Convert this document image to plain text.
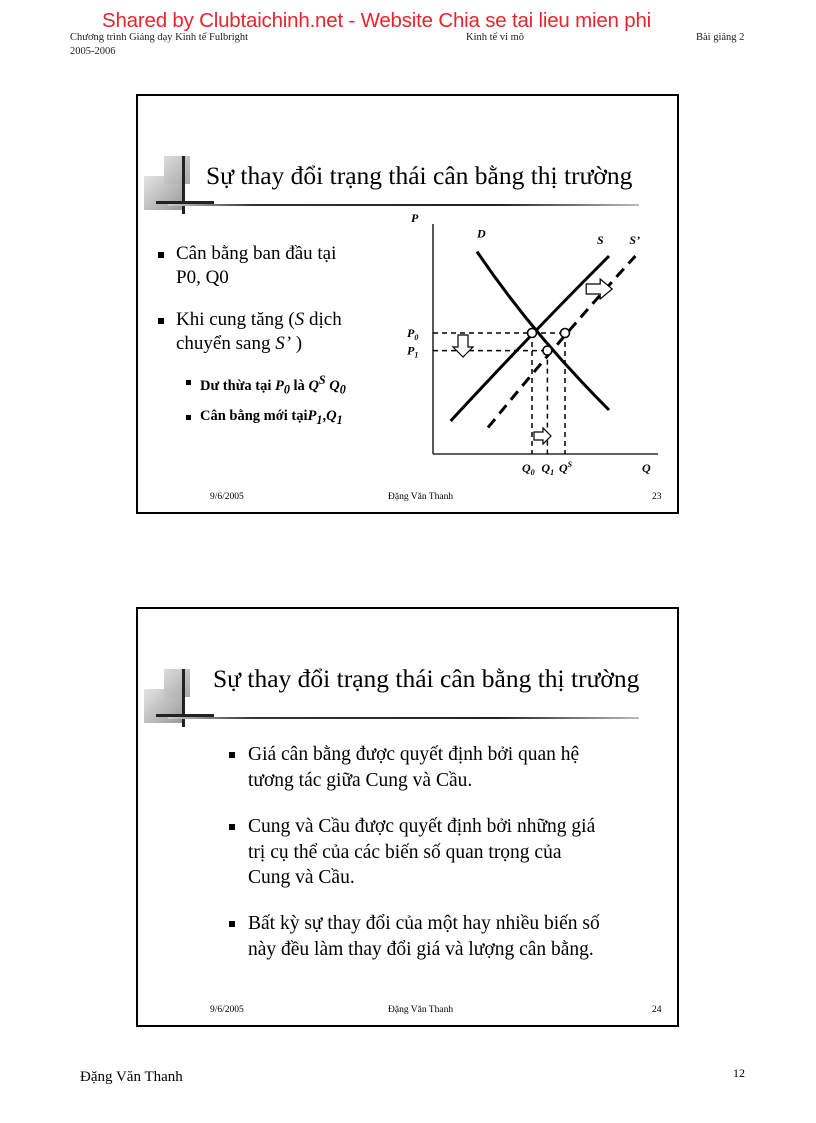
Chương trình Giảng dạy Kinh tế Fulbright
2005-2006
Kinh tế vi mô	Bài giảng 2
Shared by Clubtaichinh.net - Website Chia se tai lieu mien phi
Sự thay đổi trạng thái cân bằng thị trường
Cân bằng ban đầu tại
P0, Q0
Khi cung tăng (S dịch
chuyển sang S’ )
Dư thừa tại $P_0$ là $Q^S$ $Q_0$
Cân bằng mới $tạiP_1,Q_1$
P
Q
D	S S’
$P_0$
$P_1$
$Q_0$ $Q_1$ $Q^S$
9/6/2005	Đặng Văn Thanh	23
Sự thay đổi trạng thái cân bằng thị trường
Giá cân bằng được quyết định bởi quan hệ
tương tác giữa Cung và Cầu.
Cung và Cầu được quyết định bởi những giá
trị cụ thể của các biến số quan trọng của
Cung và Cầu.
Bất kỳ sự thay đổi của một hay nhiều biến số
này đều làm thay đổi giá và lượng cân bằng.
9/6/2005	Đặng Văn Thanh	24
Đặng Văn Thanh	12
